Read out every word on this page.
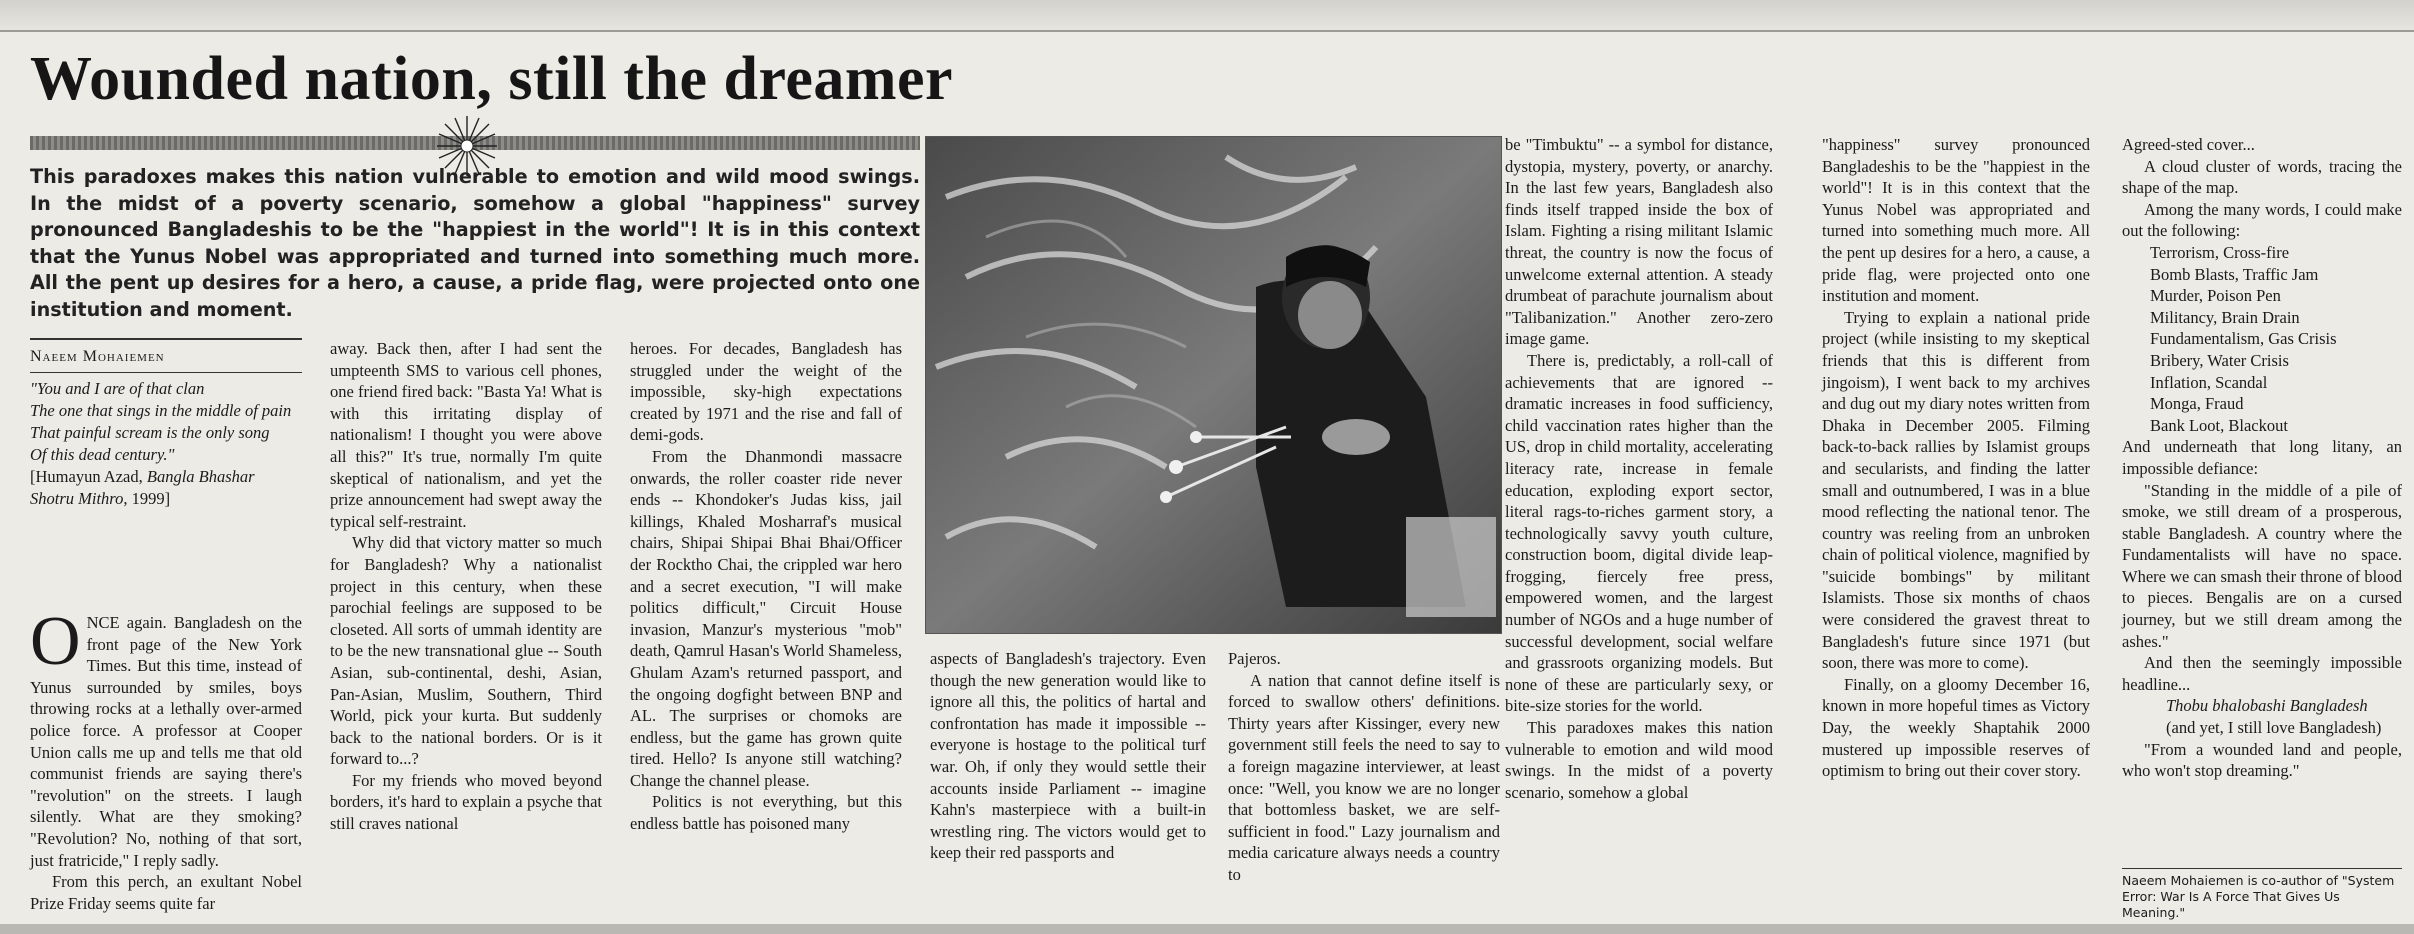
Wounded nation, still the dreamer

This paradoxes makes this nation vulnerable to emotion and wild mood swings. In the midst of a poverty scenario, somehow a global "happiness" survey pronounced Bangladeshis to be the "happiest in the world"! It is in this context that the Yunus Nobel was appropriated and turned into something much more. All the pent up desires for a hero, a cause, a pride flag, were projected onto one institution and moment.

Naeem Mohaiemen

"You and I are of that clan

The one that sings in the middle of pain

That painful scream is the only song

Of this dead century."

[Humayun Azad, Bangla Bhashar Shotru Mithro, 1999]

ONCE again. Bangladesh on the front page of the New York Times. But this time, instead of Yunus surrounded by smiles, boys throwing rocks at a lethally over-armed police force. A professor at Cooper Union calls me up and tells me that old communist friends are saying there's "revolution" on the streets. I laugh silently. What are they smoking? "Revolution? No, nothing of that sort, just fratricide," I reply sadly.

From this perch, an exultant Nobel Prize Friday seems quite far

away. Back then, after I had sent the umpteenth SMS to various cell phones, one friend fired back: "Basta Ya! What is with this irritating display of nationalism! I thought you were above all this?" It's true, normally I'm quite skeptical of nationalism, and yet the prize announcement had swept away the typical self-restraint.

Why did that victory matter so much for Bangladesh? Why a nationalist project in this century, when these parochial feelings are supposed to be closeted. All sorts of ummah identity are to be the new transnational glue -- South Asian, sub-continental, deshi, Asian, Pan-Asian, Muslim, Southern, Third World, pick your kurta. But suddenly back to the national borders. Or is it forward to...?

For my friends who moved beyond borders, it's hard to explain a psyche that still craves national

heroes. For decades, Bangladesh has struggled under the weight of the impossible, sky-high expectations created by 1971 and the rise and fall of demi-gods.

From the Dhanmondi massacre onwards, the roller coaster ride never ends -- Khondoker's Judas kiss, jail killings, Khaled Mosharraf's musical chairs, Shipai Shipai Bhai Bhai/Officer der Rocktho Chai, the crippled war hero and a secret execution, "I will make politics difficult," Circuit House invasion, Manzur's mysterious "mob" death, Qamrul Hasan's World Shameless, Ghulam Azam's returned passport, and the ongoing dogfight between BNP and AL. The surprises or chomoks are endless, but the game has grown quite tired. Hello? Is anyone still watching? Change the channel please.

Politics is not everything, but this endless battle has poisoned many

aspects of Bangladesh's trajectory. Even though the new generation would like to ignore all this, the politics of hartal and confrontation has made it impossible -- everyone is hostage to the political turf war. Oh, if only they would settle their accounts inside Parliament -- imagine Kahn's masterpiece with a built-in wrestling ring. The victors would get to keep their red passports and

Pajeros.

A nation that cannot define itself is forced to swallow others' definitions. Thirty years after Kissinger, every new government still feels the need to say to a foreign magazine interviewer, at least once: "Well, you know we are no longer that bottomless basket, we are self-sufficient in food." Lazy journalism and media caricature always needs a country to

be "Timbuktu" -- a symbol for distance, dystopia, mystery, poverty, or anarchy. In the last few years, Bangladesh also finds itself trapped inside the box of Islam. Fighting a rising militant Islamic threat, the country is now the focus of unwelcome external attention. A steady drumbeat of parachute journalism about "Talibanization." Another zero-zero image game.

There is, predictably, a roll-call of achievements that are ignored -- dramatic increases in food sufficiency, child vaccination rates higher than the US, drop in child mortality, accelerating literacy rate, increase in female education, exploding export sector, literal rags-to-riches garment story, a technologically savvy youth culture, construction boom, digital divide leap-frogging, fiercely free press, empowered women, and the largest number of NGOs and a huge number of successful development, social welfare and grassroots organizing models. But none of these are particularly sexy, or bite-size stories for the world.

This paradoxes makes this nation vulnerable to emotion and wild mood swings. In the midst of a poverty scenario, somehow a global

"happiness" survey pronounced Bangladeshis to be the "happiest in the world"! It is in this context that the Yunus Nobel was appropriated and turned into something much more. All the pent up desires for a hero, a cause, a pride flag, were projected onto one institution and moment.

Trying to explain a national pride project (while insisting to my skeptical friends that this is different from jingoism), I went back to my archives and dug out my diary notes written from Dhaka in December 2005. Filming back-to-back rallies by Islamist groups and secularists, and finding the latter small and outnumbered, I was in a blue mood reflecting the national tenor. The country was reeling from an unbroken chain of political violence, magnified by "suicide bombings" by militant Islamists. Those six months of chaos were considered the gravest threat to Bangladesh's future since 1971 (but soon, there was more to come).

Finally, on a gloomy December 16, known in more hopeful times as Victory Day, the weekly Shaptahik 2000 mustered up impossible reserves of optimism to bring out their cover story.

Agreed-sted cover...

A cloud cluster of words, tracing the shape of the map.

Among the many words, I could make out the following:

Terrorism, Cross-fire
Bomb Blasts, Traffic Jam
Murder, Poison Pen
Militancy, Brain Drain
Fundamentalism, Gas Crisis
Bribery, Water Crisis
Inflation, Scandal
Monga, Fraud
Bank Loot, Blackout

And underneath that long litany, an impossible defiance:

"Standing in the middle of a pile of smoke, we still dream of a prosperous, stable Bangladesh. A country where the Fundamentalists will have no space. Where we can smash their throne of blood to pieces. Bengalis are on a cursed journey, but we still dream among the ashes."

And then the seemingly impossible headline...

Thobu bhalobashi Bangladesh

(and yet, I still love Bangladesh)

"From a wounded land and people, who won't stop dreaming."

Naeem Mohaiemen is co-author of "System Error: War Is A Force That Gives Us Meaning."
